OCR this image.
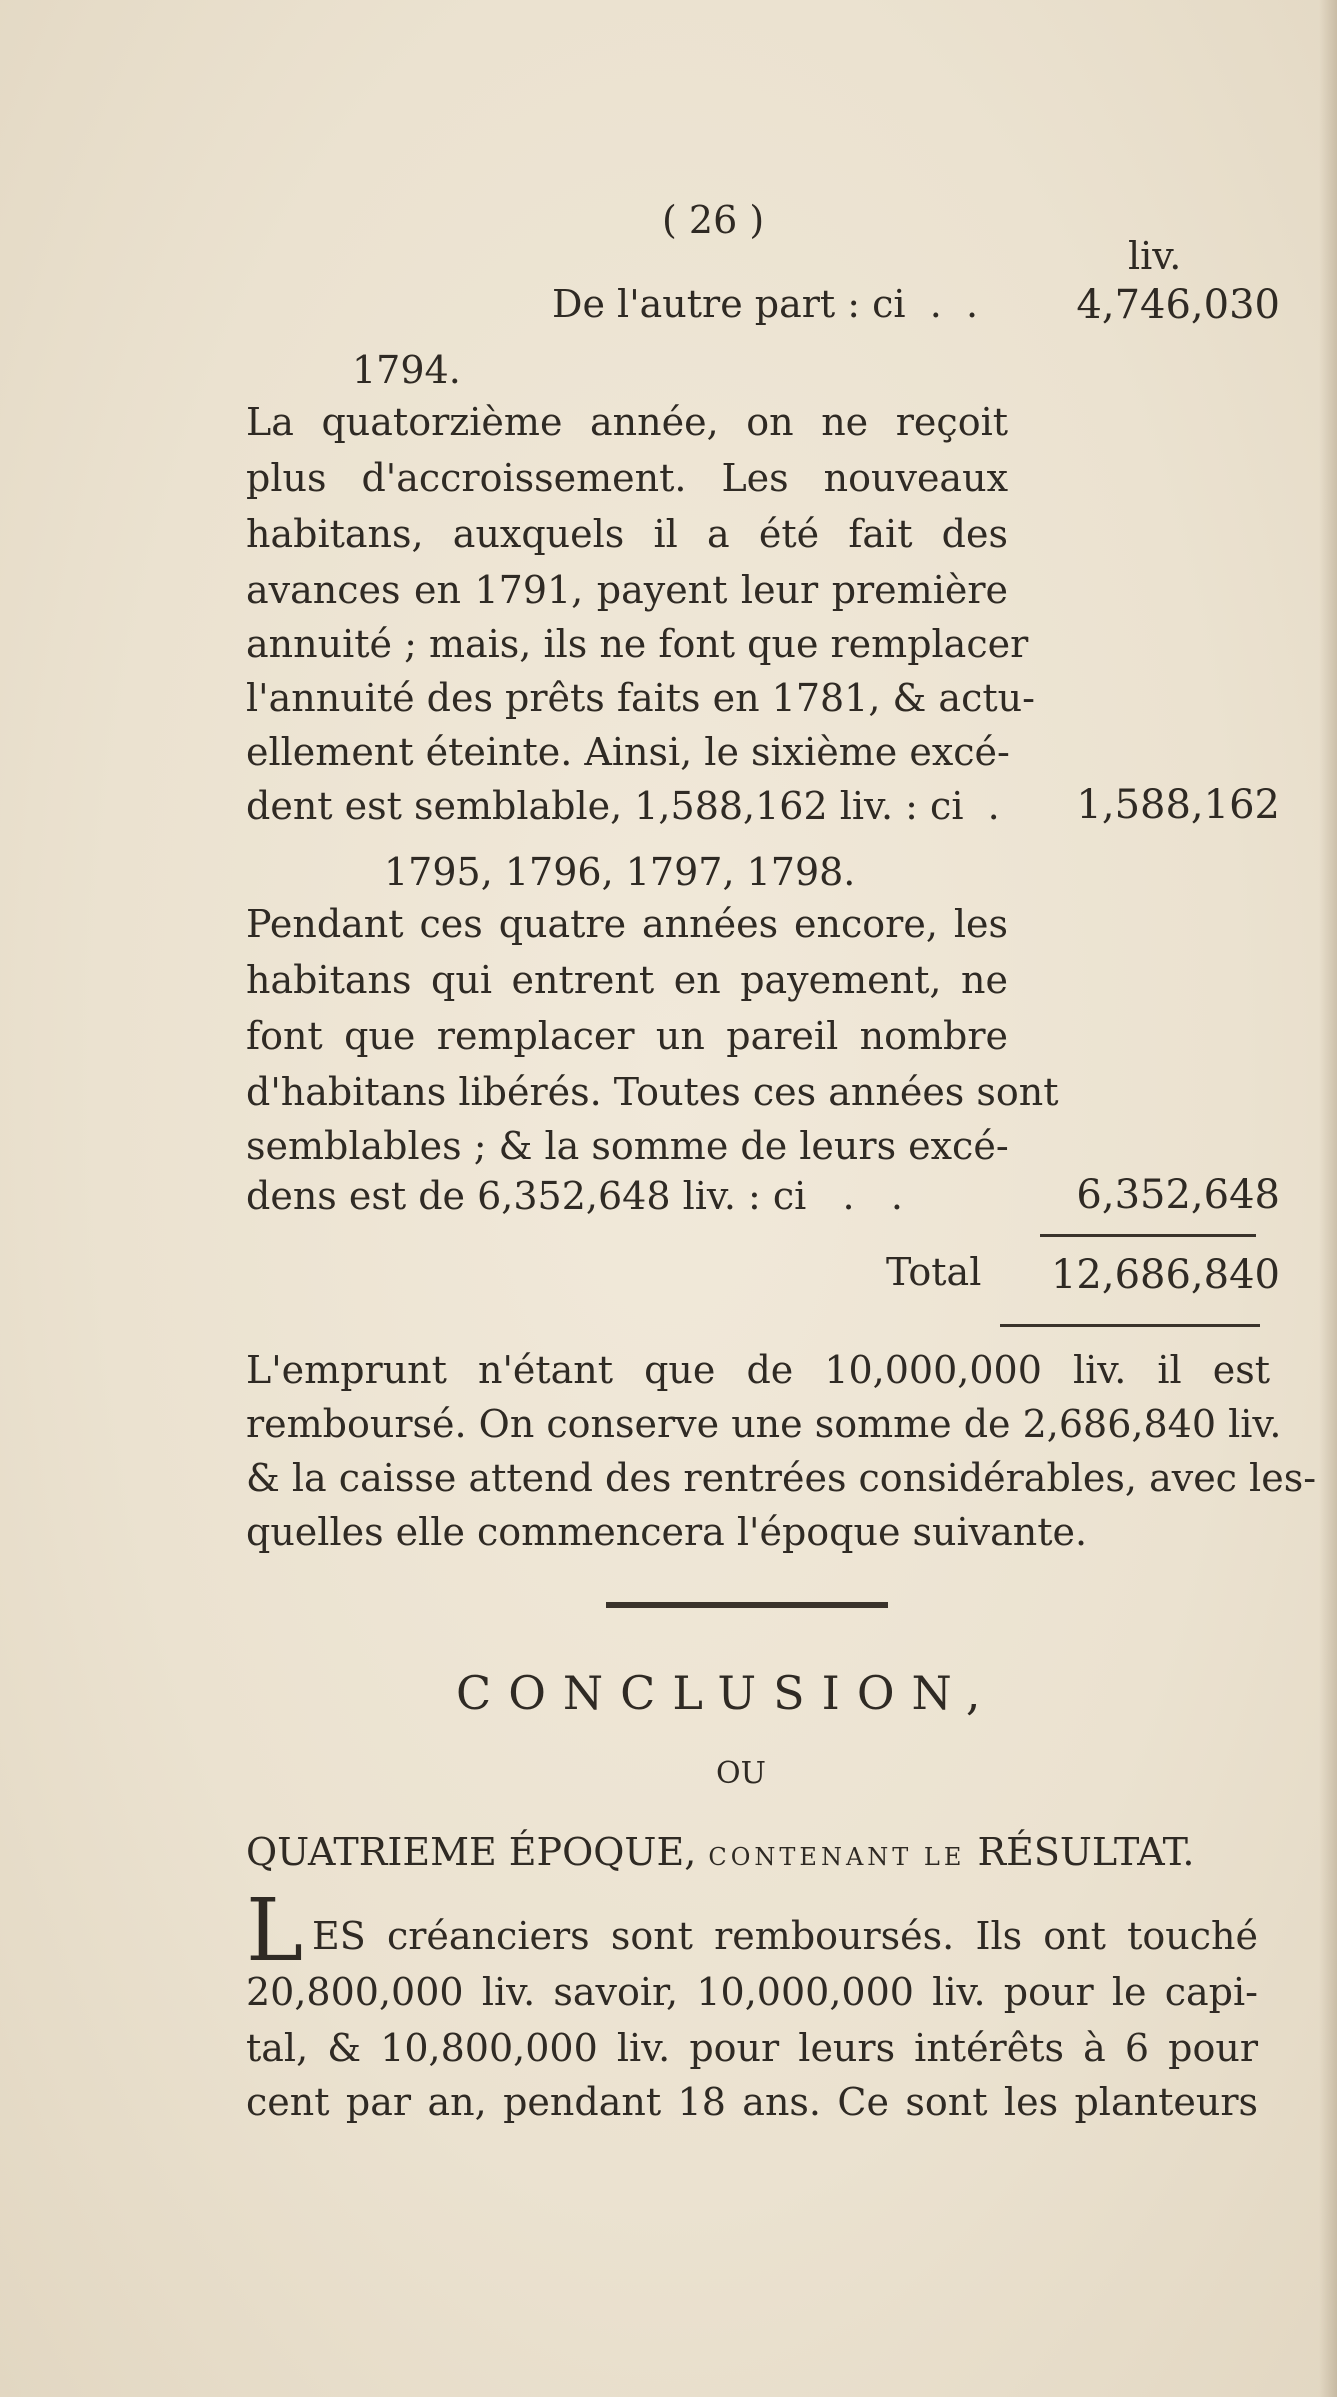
( 26 )
liv.
De l'autre part : ci  .  .	4,746,030
1794.
La quatorzième année, on ne reçoit
plus d'accroissement. Les nouveaux
habitans, auxquels il a été fait des
avances en 1791, payent leur première
annuité ; mais, ils ne font que remplacer
l'annuité des prêts faits en 1781, & actu-
ellement éteinte. Ainsi, le sixième excé-
dent est semblable, 1,588,162 liv. : ci  .	1,588,162
1795, 1796, 1797, 1798.
Pendant ces quatre années encore, les
habitans qui entrent en payement, ne
font que remplacer un pareil nombre
d'habitans libérés. Toutes ces années sont
semblables ; & la somme de leurs excé-
dens est de 6,352,648 liv. : ci   .   .	6,352,648
Total 12,686,840
L'emprunt n'étant que de 10,000,000 liv. il est
remboursé. On conserve une somme de 2,686,840 liv.
& la caisse attend des rentrées considérables, avec les-
quelles elle commencera l'époque suivante.
CONCLUSION,
OU
QUATRIEME ÉPOQUE, CONTENANT LE RÉSULTAT.
L ES créanciers sont remboursés. Ils ont touché
20,800,000 liv. savoir, 10,000,000 liv. pour le capi-
tal, & 10,800,000 liv. pour leurs intérêts à 6 pour
cent par an, pendant 18 ans. Ce sont les planteurs
